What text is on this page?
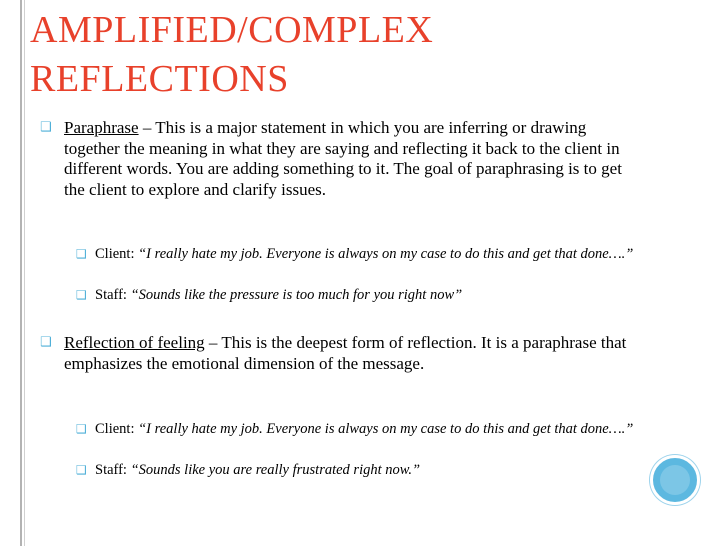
AMPLIFIED/COMPLEX
REFLECTIONS
❑ Paraphrase – This is a major statement in which you are inferring or drawing together the meaning in what they are saying and reflecting it back to the client in different words. You are adding something to it. The goal of paraphrasing is to get the client to explore and clarify issues.
❑ Client: “I really hate my job. Everyone is always on my case to do this and get that done….”
❑ Staff: “Sounds like the pressure is too much for you right now”
❑ Reflection of feeling – This is the deepest form of reflection. It is a paraphrase that emphasizes the emotional dimension of the message.
❑ Client: “I really hate my job. Everyone is always on my case to do this and get that done….”
❑ Staff: “Sounds like you are really frustrated right now.”
